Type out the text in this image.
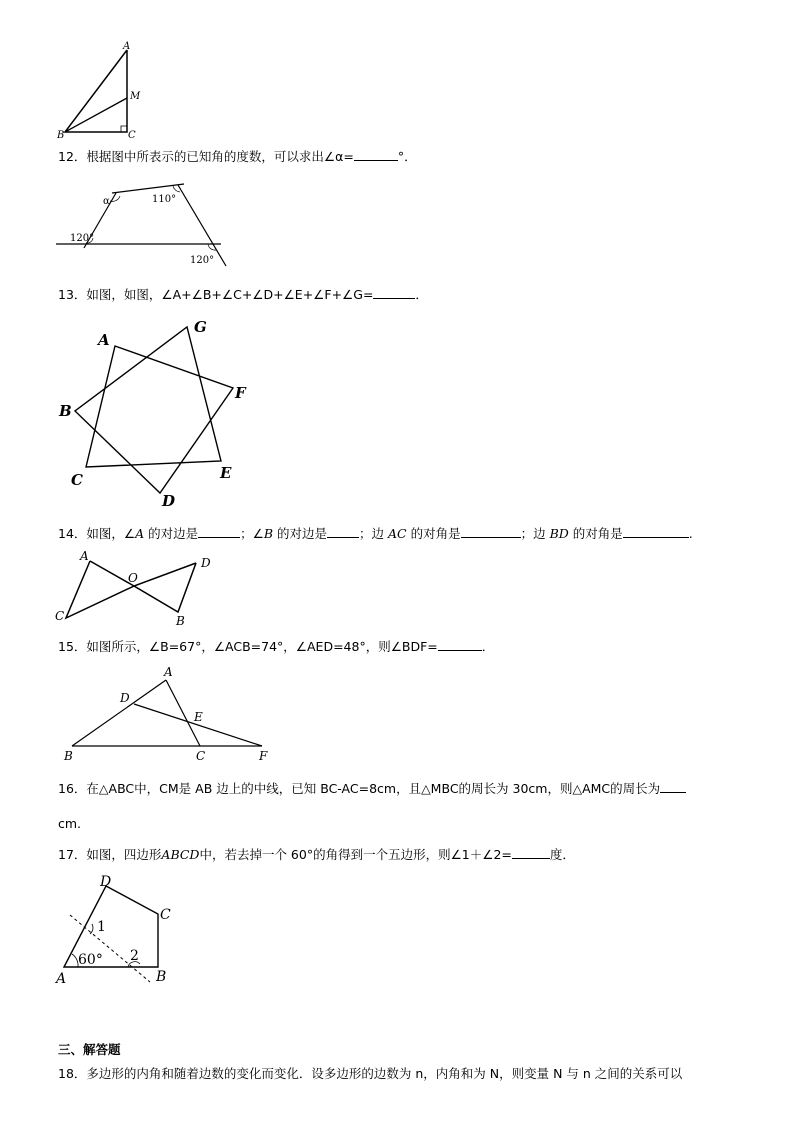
A
M
B	C
12．根据图中所表示的已知角的度数，可以求出∠α=	°．
α	110°
120°
120°
13．如图，如图，∠A+∠B+∠C+∠D+∠E+∠F+∠G=	．
A
G
F
B
E
C
D
14．如图，∠A 的对边是	；∠B 的对边是	；边 AC 的对角是	；边 BD 的对角是	.
A
O
D
C	B
15．如图所示，∠B=67°，∠ACB=74°，∠AED=48°，则∠BDF=	．
A
D
E
B	C	F
16．在△ABC中，CM是 AB 边上的中线，已知 BC-AC=8cm，且△MBC的周长为 30cm，则△AMC的周长为
cm.
17．如图，四边形ABCD中，若去掉一个 60°的角得到一个五边形，则∠1＋∠2=	度．
D
C
1
2
60°
A	B
三、解答题
18．多边形的内角和随着边数的变化而变化．设多边形的边数为 n，内角和为 N，则变量 N 与 n 之间的关系可以
